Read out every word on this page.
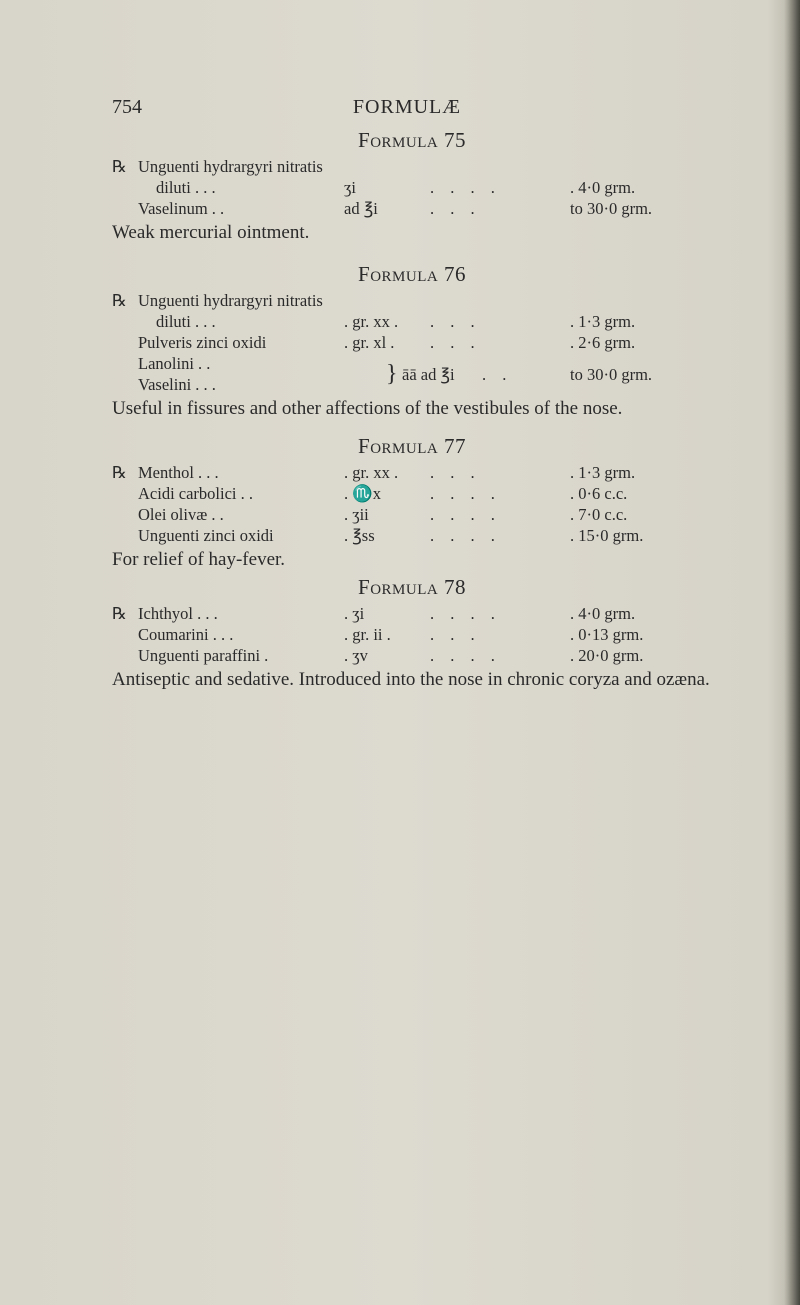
754	FORMULÆ
Formula 75
℞ Unguenti hydrargyri nitratis
diluti . . .	ʒi	. . . .	. 4·0 grm.
Vaselinum . .	ad ℥i	. . .	to 30·0 grm.
Weak mercurial ointment.
Formula 76
℞ Unguenti hydrargyri nitratis
diluti . . .	. gr. xx . . . .	. 1·3 grm.
Pulveris zinci oxidi	. gr. xl . . . .	. 2·6 grm.
Lanolini . .
Vaselini . . .
āā ad ℥i . .	to 30·0 grm.
}
Useful in fissures and other affections of the vestibules of the nose.
Formula 77
℞ Menthol . . .	. gr. xx . . . .	. 1·3 grm.
Acidi carbolici . .	. ♏x	. . . .	. 0·6 c.c.
Olei olivæ . .	. ʒii	. . . .	. 7·0 c.c.
Unguenti zinci oxidi	. ℥ss	. . . .	. 15·0 grm.
For relief of hay-fever.
Formula 78
℞ Ichthyol . . .	. ʒi	. . . .	. 4·0 grm.
Coumarini . . .	. gr. ii . . . .	. 0·13 grm.
Unguenti paraffini .	. ʒv	. . . .	. 20·0 grm.
Antiseptic and sedative. Introduced into the nose in chronic coryza and ozæna.
